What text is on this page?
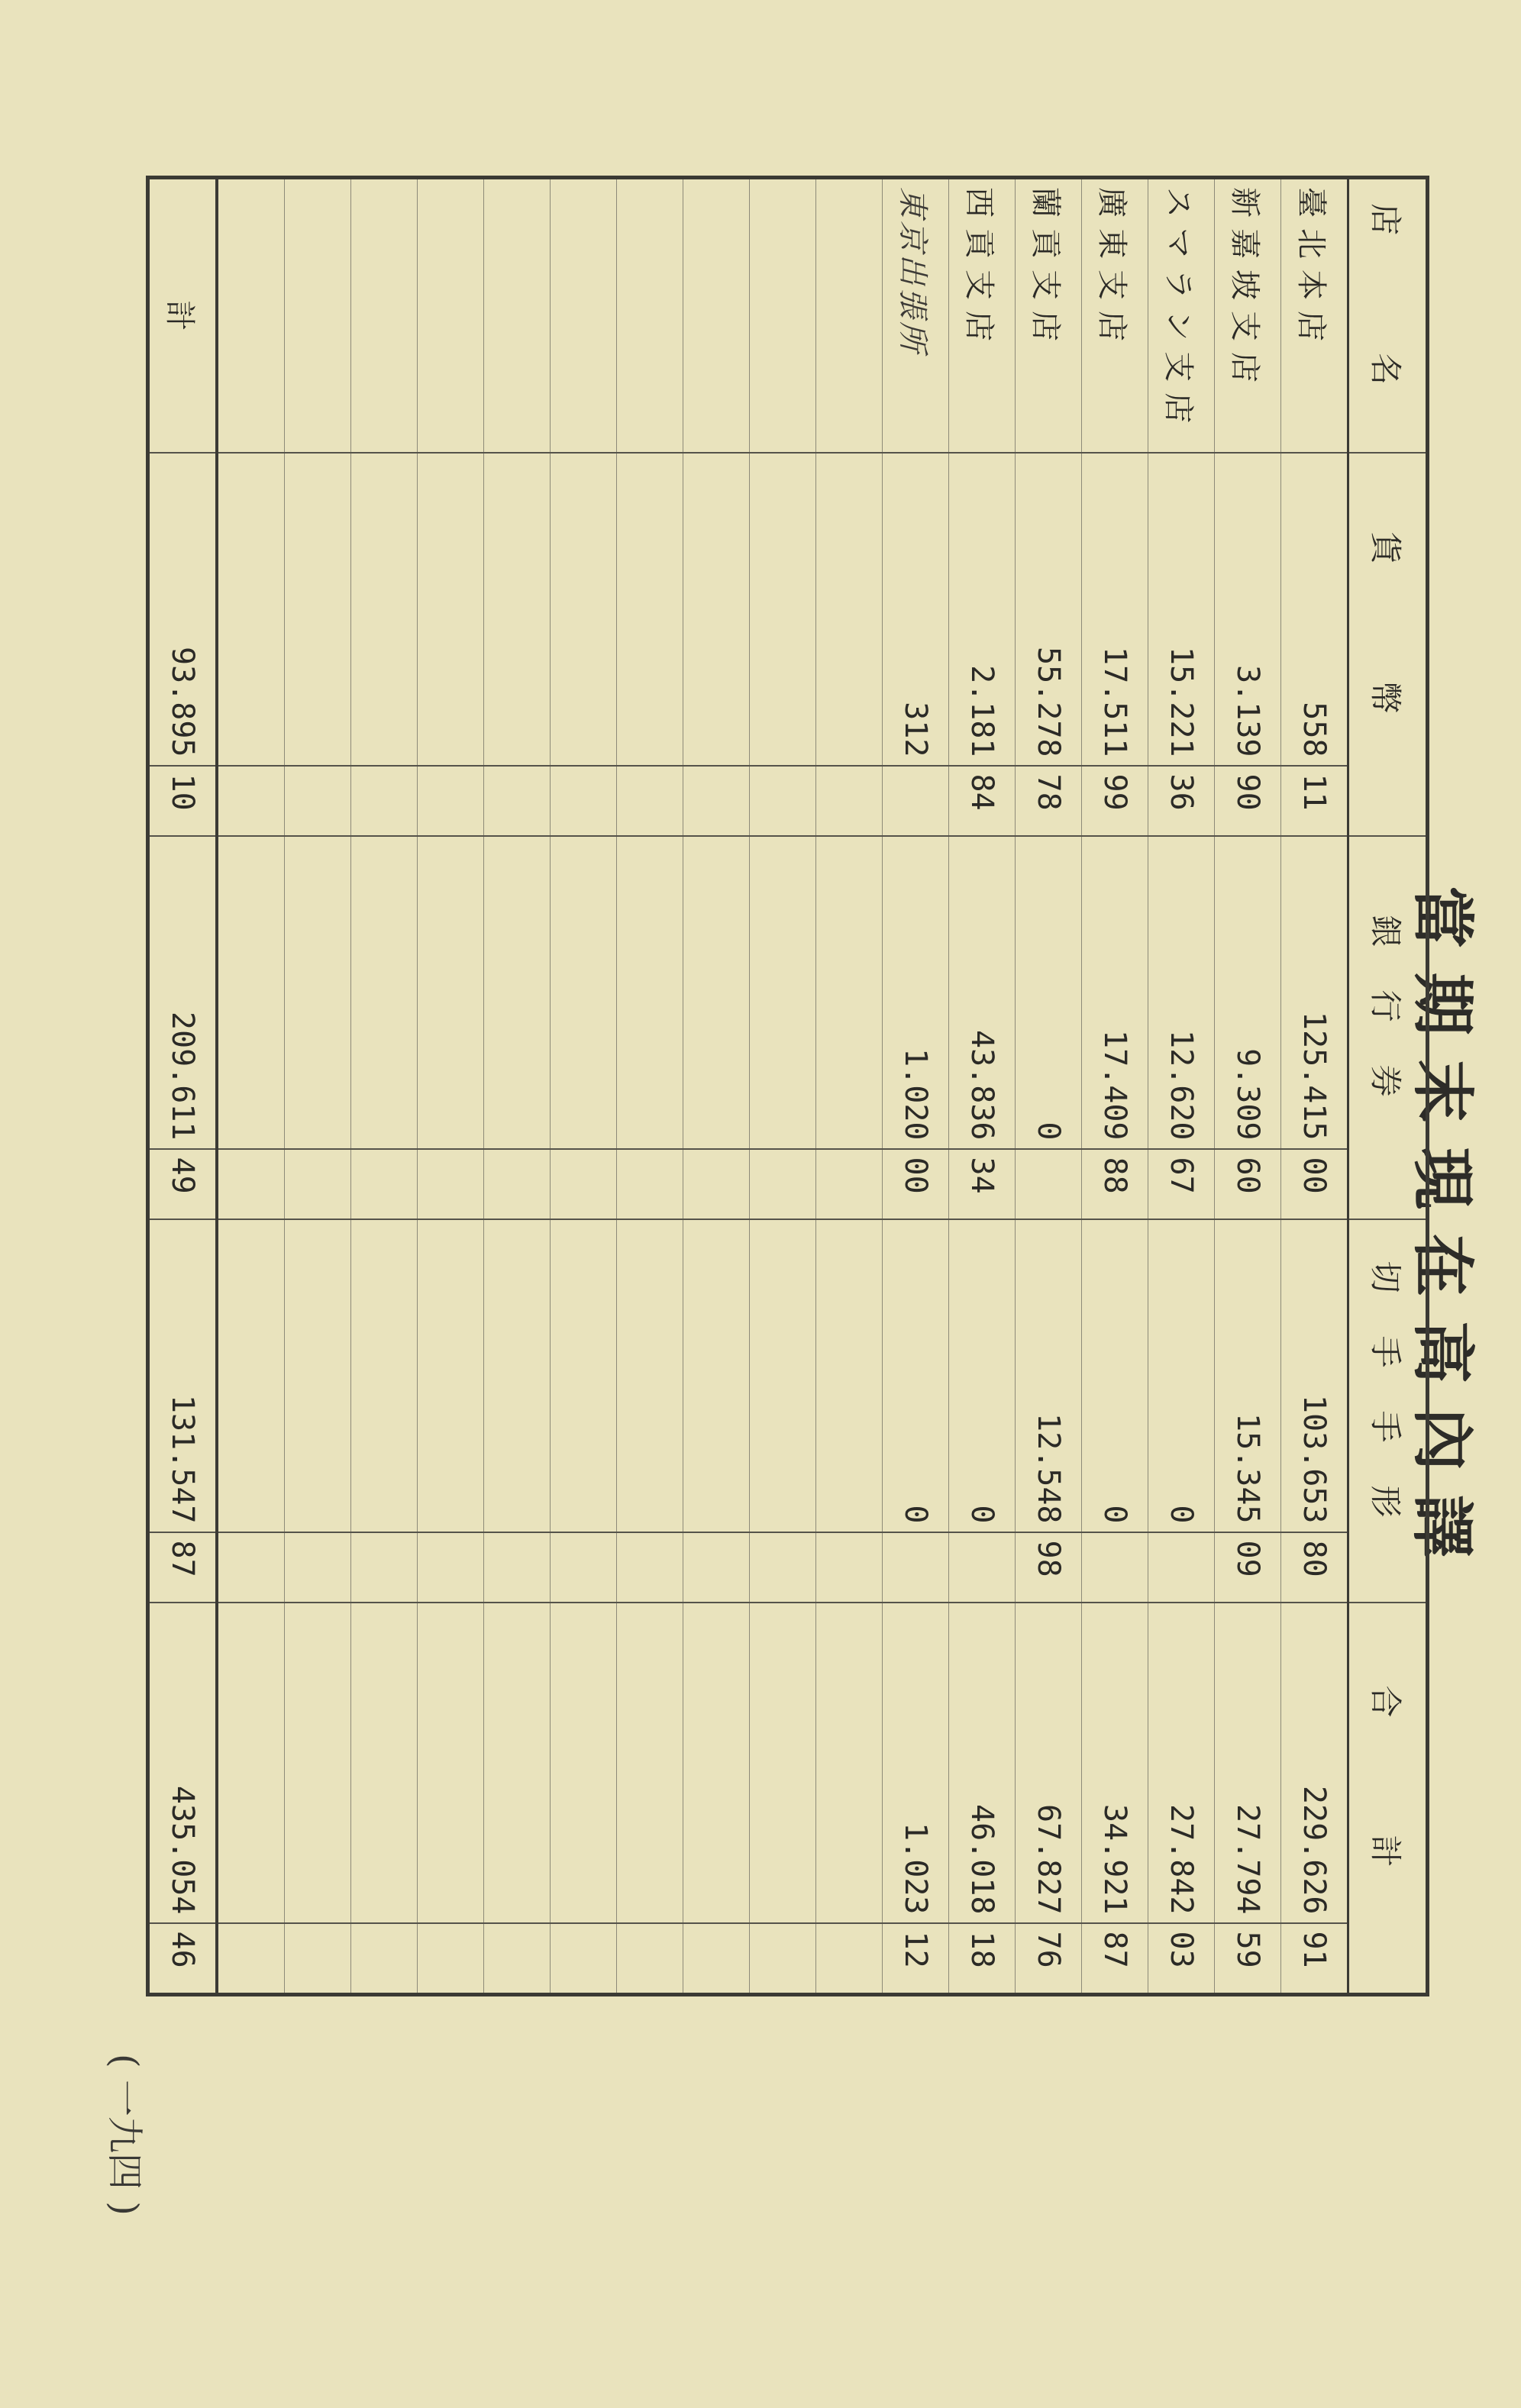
當期末現在高內譯
店　名	貨　幣		銀行券		切手手形		合　計	
臺北本店	558	11	125.415	00	103.653	80	229.626	91
新嘉坡支店	3.139	90	9.309	60	15.345	09	27.794	59
スマラン支店	15.221	36	12.620	67	0		27.842	03
廣東支店	17.511	99	17.409	88	0		34.921	87
蘭貢支店	55.278	78	0		12.548	98	67.827	76
西貢支店	2.181	84	43.836	34	0		46.018	18
東京出張所	312		1.020	00	0		1.023	12

計	93.895	10	209.611	49	131.547	87	435.054	46
( 一九四 )
